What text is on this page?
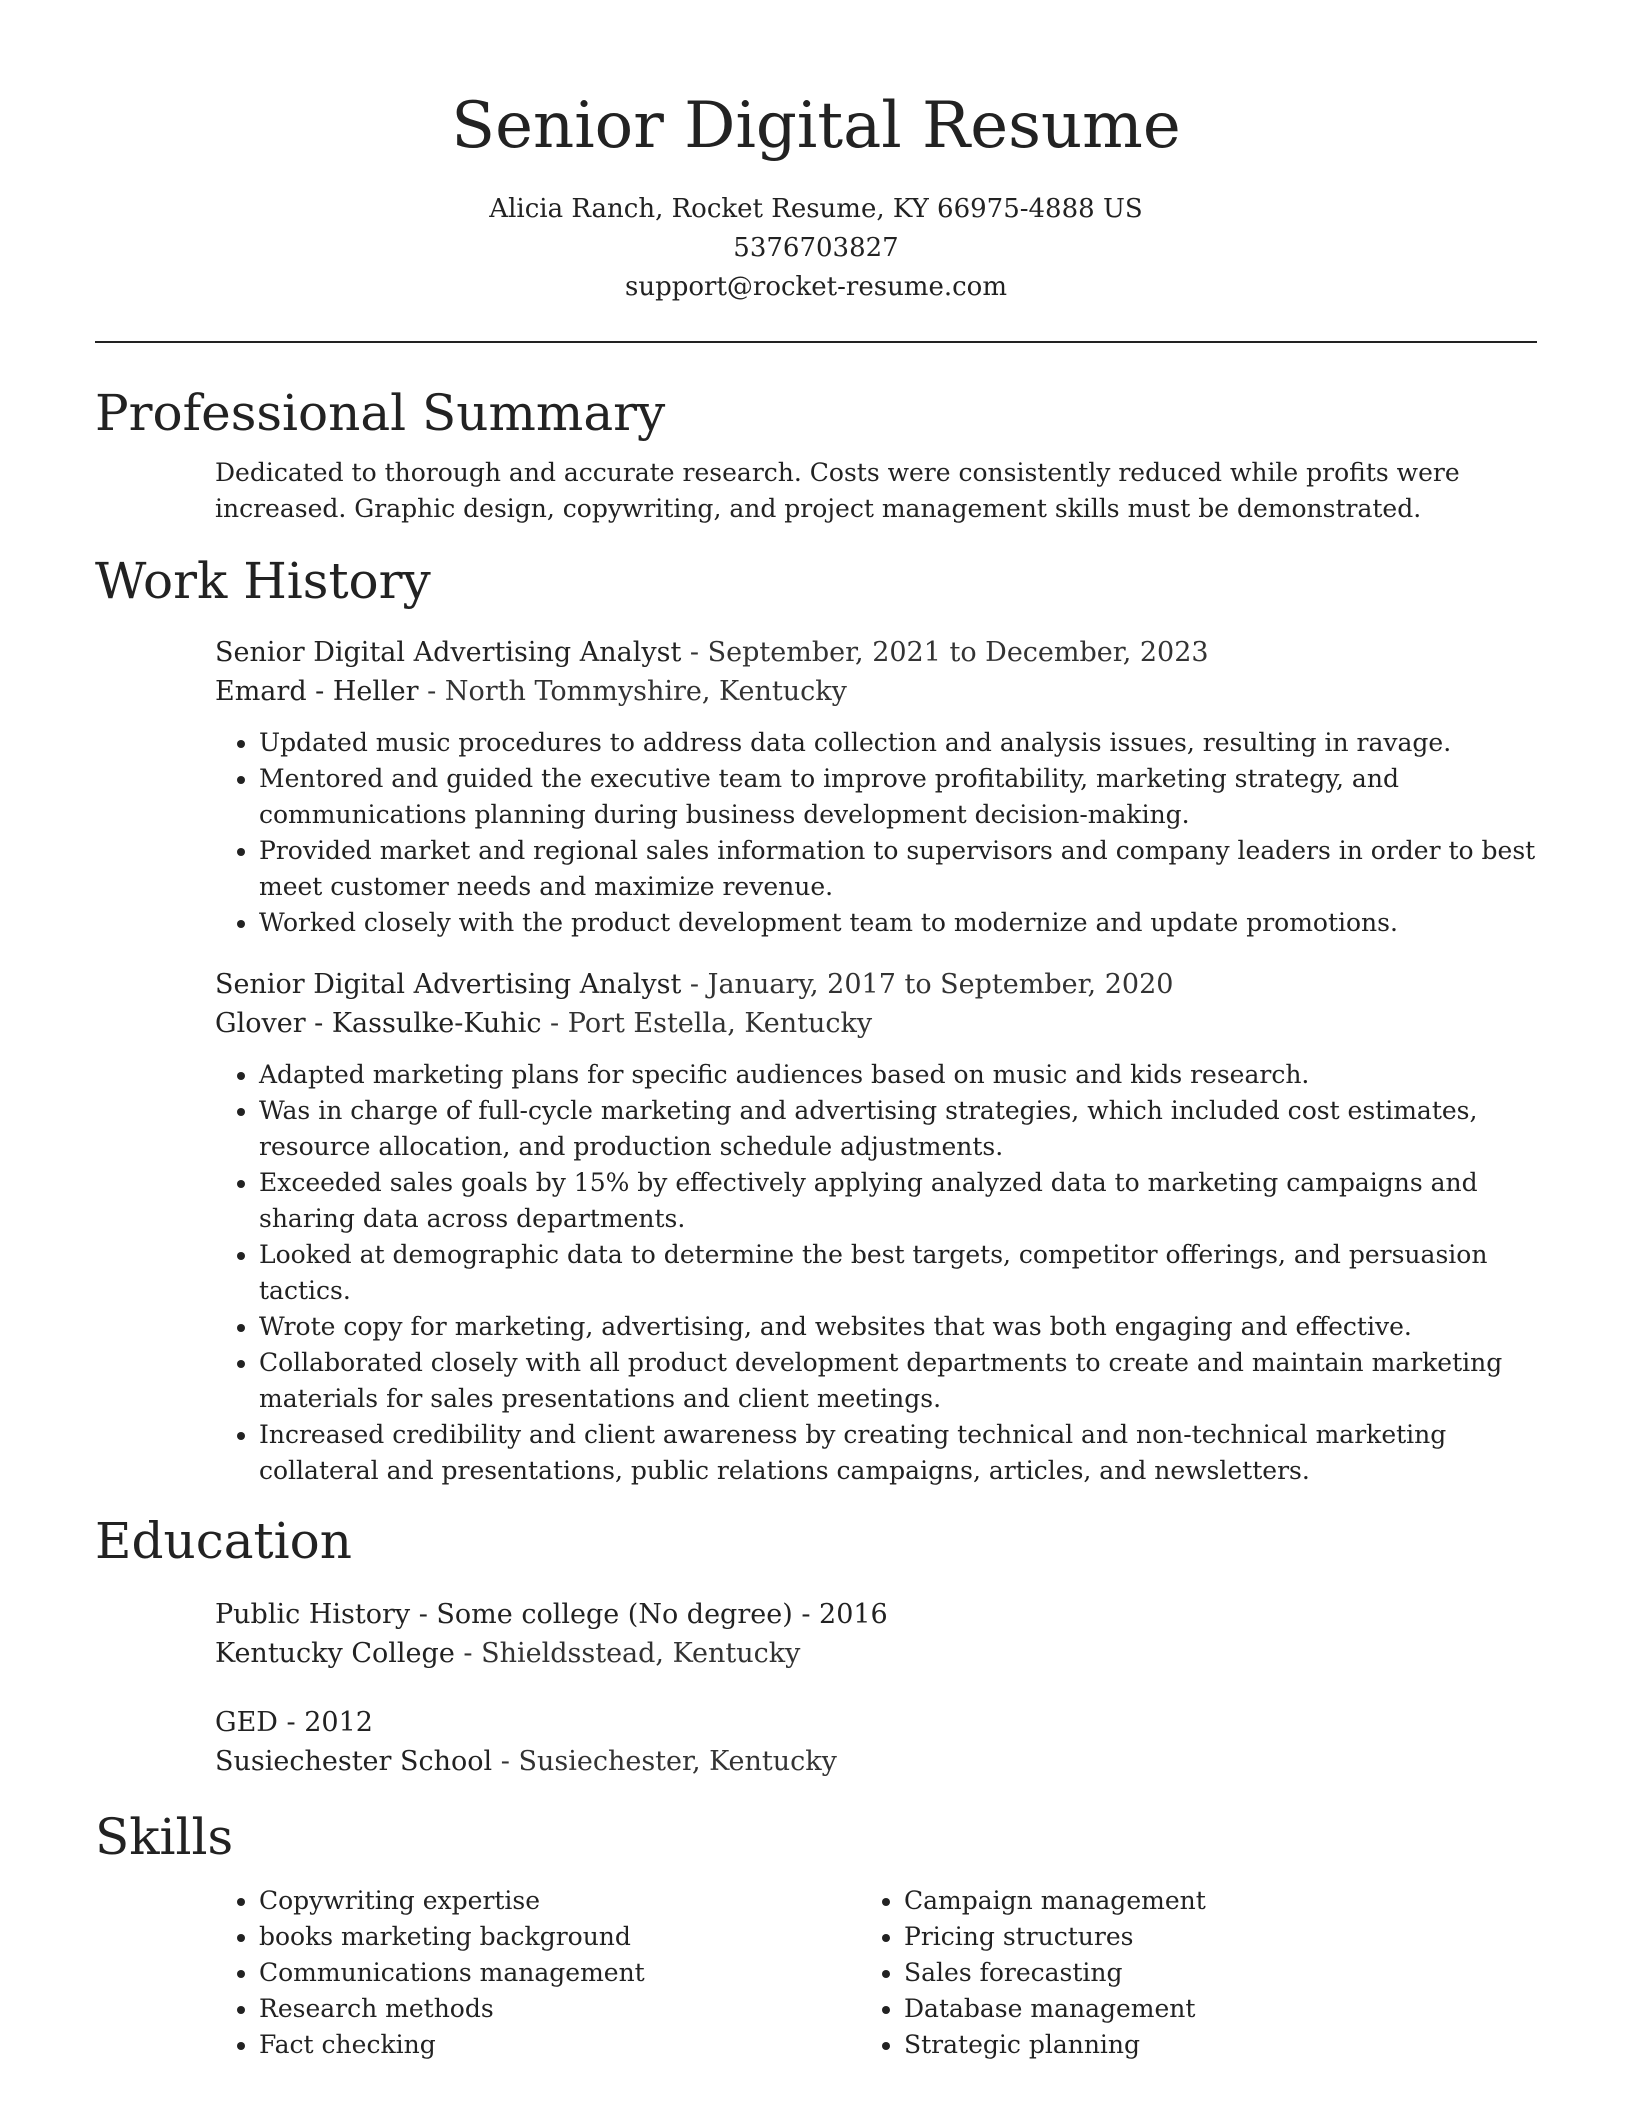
Senior Digital Resume
Alicia Ranch, Rocket Resume, KY 66975-4888 US
5376703827
support@rocket-resume.com
Professional Summary
Dedicated to thorough and accurate research. Costs were consistently reduced while profits were increased. Graphic design, copywriting, and project management skills must be demonstrated.
Work History
Senior Digital Advertising Analyst - September, 2021 to December, 2023
Emard - Heller - North Tommyshire, Kentucky
• Updated music procedures to address data collection and analysis issues, resulting in ravage.
• Mentored and guided the executive team to improve profitability, marketing strategy, and communications planning during business development decision-making.
• Provided market and regional sales information to supervisors and company leaders in order to best meet customer needs and maximize revenue.
• Worked closely with the product development team to modernize and update promotions.
Senior Digital Advertising Analyst - January, 2017 to September, 2020
Glover - Kassulke-Kuhic - Port Estella, Kentucky
• Adapted marketing plans for specific audiences based on music and kids research.
• Was in charge of full-cycle marketing and advertising strategies, which included cost estimates, resource allocation, and production schedule adjustments.
• Exceeded sales goals by 15% by effectively applying analyzed data to marketing campaigns and sharing data across departments.
• Looked at demographic data to determine the best targets, competitor offerings, and persuasion tactics.
• Wrote copy for marketing, advertising, and websites that was both engaging and effective.
• Collaborated closely with all product development departments to create and maintain marketing materials for sales presentations and client meetings.
• Increased credibility and client awareness by creating technical and non-technical marketing collateral and presentations, public relations campaigns, articles, and newsletters.
Education
Public History - Some college (No degree) - 2016
Kentucky College - Shieldsstead, Kentucky
GED - 2012
Susiechester School - Susiechester, Kentucky
Skills
• Copywriting expertise
• books marketing background
• Communications management
• Research methods
• Fact checking
• Campaign management
• Pricing structures
• Sales forecasting
• Database management
• Strategic planning
